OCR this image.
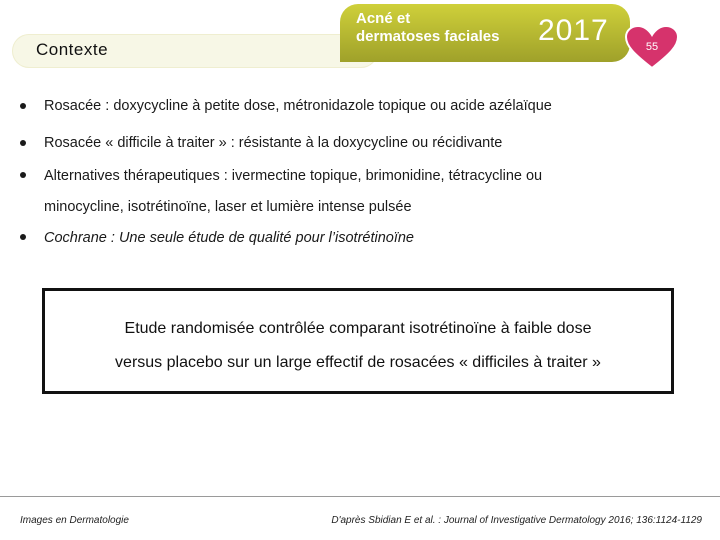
Contexte
Acné et
dermatoses faciales	2017	55
Rosacée : doxycycline à petite dose, métronidazole topique ou acide azélaïque
Rosacée « difficile à traiter » : résistante à la doxycycline ou récidivante
Alternatives thérapeutiques : ivermectine topique, brimonidine, tétracycline ou
minocycline, isotrétinoïne, laser et lumière intense pulsée
Cochrane : Une seule étude de qualité pour l’isotrétinoïne
Etude randomisée contrôlée comparant isotrétinoïne à faible dose
versus placebo sur un large effectif de rosacées « difficiles à traiter »
Images en Dermatologie	D'après Sbidian E et al. : Journal of Investigative Dermatology 2016; 136:1124-1129
